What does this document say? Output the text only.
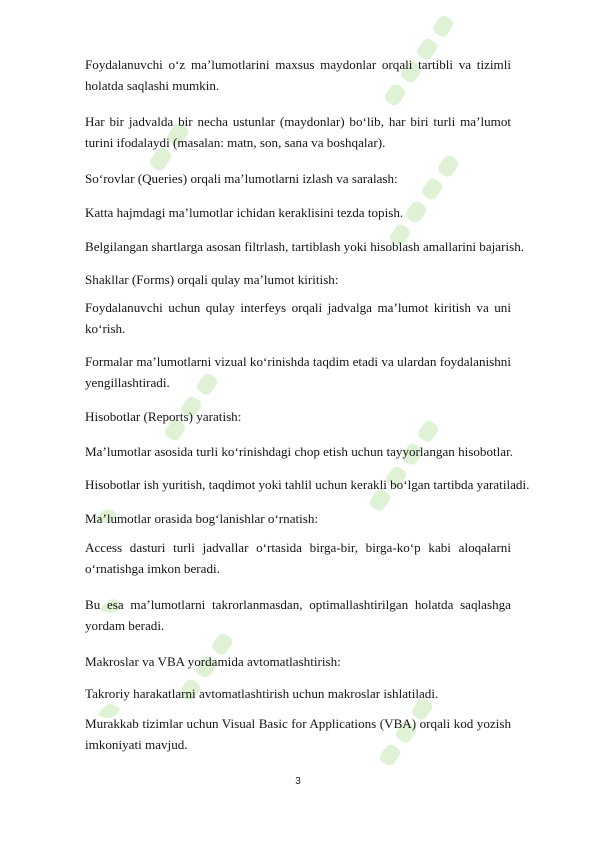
Foydalanuvchi o‘z ma’lumotlarini maxsus maydonlar orqali tartibli va tizimli holatda saqlashi mumkin.

Har bir jadvalda bir necha ustunlar (maydonlar) bo‘lib, har biri turli ma’lumot turini ifodalaydi (masalan: matn, son, sana va boshqalar).

So‘rovlar (Queries) orqali ma’lumotlarni izlash va saralash:

Katta hajmdagi ma’lumotlar ichidan keraklisini tezda topish.

Belgilangan shartlarga asosan filtrlash, tartiblash yoki hisoblash amallarini bajarish.

Shakllar (Forms) orqali qulay ma’lumot kiritish:

Foydalanuvchi uchun qulay interfeys orqali jadvalga ma’lumot kiritish va uni ko‘rish.

Formalar ma’lumotlarni vizual ko‘rinishda taqdim etadi va ulardan foydalanishni yengillashtiradi.

Hisobotlar (Reports) yaratish:

Ma’lumotlar asosida turli ko‘rinishdagi chop etish uchun tayyorlangan hisobotlar.

Hisobotlar ish yuritish, taqdimot yoki tahlil uchun kerakli bo‘lgan tartibda yaratiladi.

Ma’lumotlar orasida bog‘lanishlar o‘rnatish:

Access dasturi turli jadvallar o‘rtasida birga-bir, birga-ko‘p kabi aloqalarni o‘rnatishga imkon beradi.

Bu esa ma’lumotlarni takrorlanmasdan, optimallashtirilgan holatda saqlashga yordam beradi.

Makroslar va VBA yordamida avtomatlashtirish:

Takroriy harakatlarni avtomatlashtirish uchun makroslar ishlatiladi.

Murakkab tizimlar uchun Visual Basic for Applications (VBA) orqali kod yozish imkoniyati mavjud.

3
